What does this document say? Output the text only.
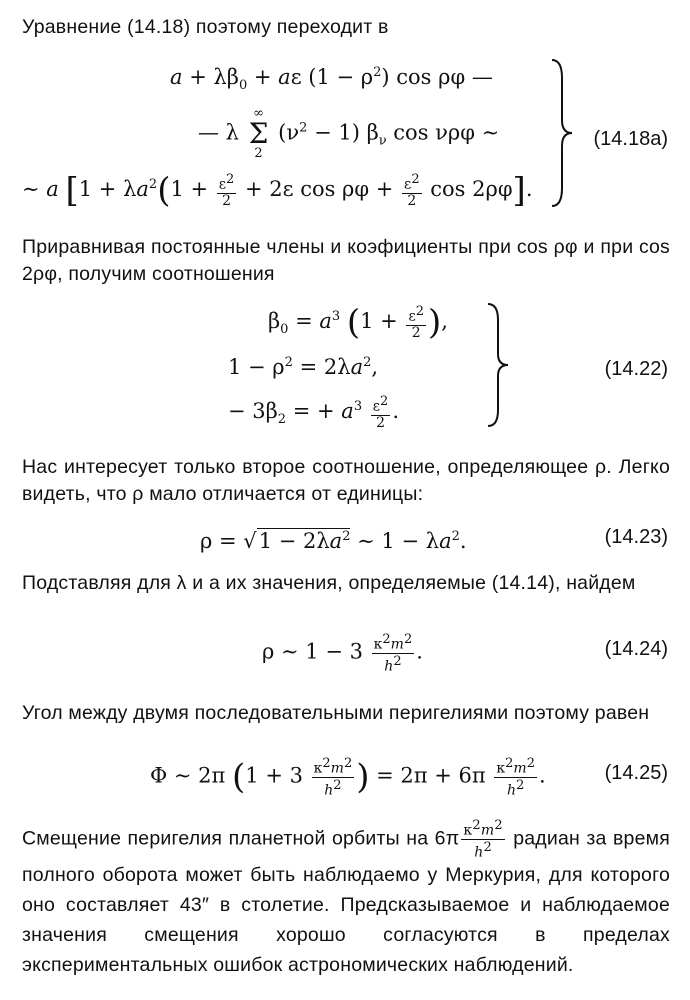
Уравнение (14.18) поэтому переходит в

$a + \lambda\beta_0 + a\varepsilon$ $(1 - \rho^2)$ cos ρφ —
— λ
∞
Σ
2
$(\nu^2 - 1)$ $\beta_\nu$ cos νρφ ∼
∼ a [$1 + \lambda a^2(1 + \frac{\varepsilon 2}{2} + 2\varepsilon$ $\cos \rho\varphi + \frac{\varepsilon 2}{2}$ cos 2ρφ].
(14.18a)

Приравнивая постоянные члены и коэфициенты при cos ρφ и при cos 2ρφ, получим соотношения

$\beta_0 = a^3$ ($1 + \frac{\varepsilon 2}{2}$ ),
$1 - \rho^2 = 2\lambda a^2$,
− $3\beta_2$ = + $a^3 \frac{\varepsilon 2}{2}$ .
(14.22)

Нас интересует только второе соотношение, определяющее ρ. Легко видеть, что ρ мало отличается от единицы:

$\rho = √1 - 2\lambda a^2$ ∼ $1 - \lambda a^2$.	(14.23)

Подставляя для λ и a их значения, определяемые (14.14), найдем

ρ ∼ $1 - 3 \frac{\kappa 2m2}{h2}$ .	(14.24)

Угол между двумя последовательными перигелиями поэтому равен

Φ ∼ 2π ($1 + 3 \frac{\kappa 2m2}{h2}$ ) = $2\pi + 6\pi \frac{\kappa 2m2}{h2}$ .	(14.25)
Смещение перигелия планетной орбиты на $6\pi \frac{\kappa 2m2}{h2}$ радиан за время полного оборота может быть наблюдаемо у Меркурия, для которого оно составляет 43″ в столетие. Предсказываемое и наблюдаемое значения смещения хорошо согласуются в пределах экспериментальных ошибок астрономических наблюдений.
